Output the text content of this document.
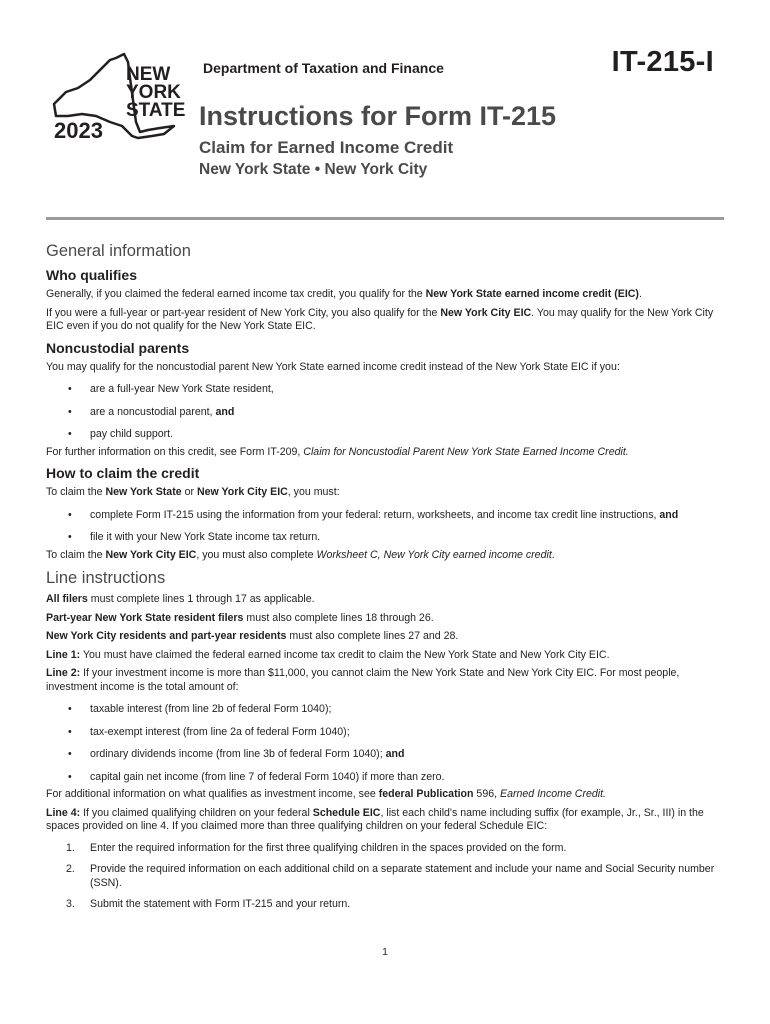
NEW
YORK
STATE
2023
Department of Taxation and Finance	IT-215-I
Instructions for Form IT-215
Claim for Earned Income Credit
New York State • New York City
General information
Who qualifies

Generally, if you claimed the federal earned income tax credit, you qualify for the New York State earned income credit (EIC).

If you were a full-year or part-year resident of New York City, you also qualify for the New York City EIC. You may qualify for the New York City EIC even if you do not qualify for the New York State EIC.

Noncustodial parents

You may qualify for the noncustodial parent New York State earned income credit instead of the New York State EIC if you:

• are a full-year New York State resident,
• are a noncustodial parent, and
• pay child support.

For further information on this credit, see Form IT-209, Claim for Noncustodial Parent New York State Earned Income Credit.

How to claim the credit

To claim the New York State or New York City EIC, you must:

• complete Form IT-215 using the information from your federal: return, worksheets, and income tax credit line instructions, and
• file it with your New York State income tax return.

To claim the New York City EIC, you must also complete Worksheet C, New York City earned income credit.

Line instructions

All filers must complete lines 1 through 17 as applicable.

Part-year New York State resident filers must also complete lines 18 through 26.

New York City residents and part-year residents must also complete lines 27 and 28.

Line 1: You must have claimed the federal earned income tax credit to claim the New York State and New York City EIC.

Line 2: If your investment income is more than $11,000, you cannot claim the New York State and New York City EIC. For most people, investment income is the total amount of:

• taxable interest (from line 2b of federal Form 1040);
• tax-exempt interest (from line 2a of federal Form 1040);
• ordinary dividends income (from line 3b of federal Form 1040); and
• capital gain net income (from line 7 of federal Form 1040) if more than zero.

For additional information on what qualifies as investment income, see federal Publication 596, Earned Income Credit.

Line 4: If you claimed qualifying children on your federal Schedule EIC, list each child's name including suffix (for example, Jr., Sr., III) in the spaces provided on line 4. If you claimed more than three qualifying children on your federal Schedule EIC:

1. Enter the required information for the first three qualifying children in the spaces provided on the form.
2. Provide the required information on each additional child on a separate statement and include your name and Social Security number (SSN).
3. Submit the statement with Form IT-215 and your return.
1
